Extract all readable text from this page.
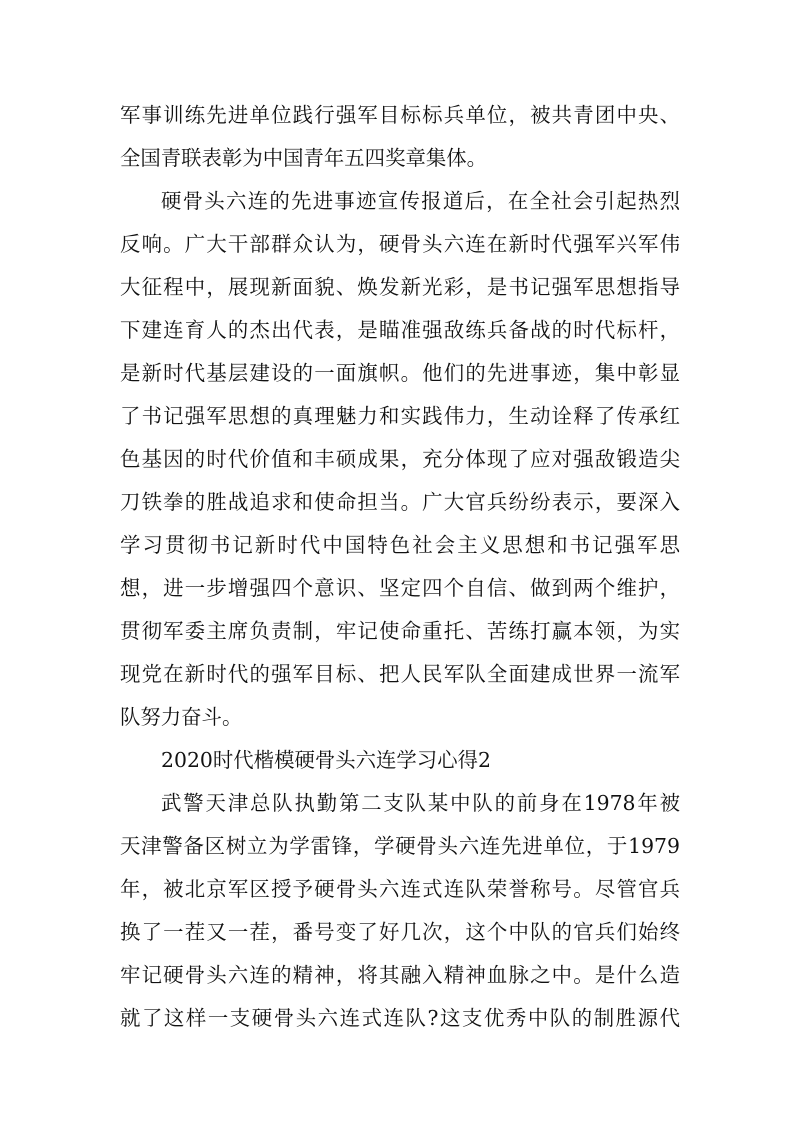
军事训练先进单位践行强军目标标兵单位，被共青团中央、
全国青联表彰为中国青年五四奖章集体。
硬骨头六连的先进事迹宣传报道后，在全社会引起热烈
反响。广大干部群众认为，硬骨头六连在新时代强军兴军伟
大征程中，展现新面貌、焕发新光彩，是书记强军思想指导
下建连育人的杰出代表，是瞄准强敌练兵备战的时代标杆，
是新时代基层建设的一面旗帜。他们的先进事迹，集中彰显
了书记强军思想的真理魅力和实践伟力，生动诠释了传承红
色基因的时代价值和丰硕成果，充分体现了应对强敌锻造尖
刀铁拳的胜战追求和使命担当。广大官兵纷纷表示，要深入
学习贯彻书记新时代中国特色社会主义思想和书记强军思
想，进一步增强四个意识、坚定四个自信、做到两个维护，
贯彻军委主席负责制，牢记使命重托、苦练打赢本领，为实
现党在新时代的强军目标、把人民军队全面建成世界一流军
队努力奋斗。
2020时代楷模硬骨头六连学习心得2
武警天津总队执勤第二支队某中队的前身在1978年被
天津警备区树立为学雷锋，学硬骨头六连先进单位，于1979
年，被北京军区授予硬骨头六连式连队荣誉称号。尽管官兵
换了一茬又一茬，番号变了好几次，这个中队的官兵们始终
牢记硬骨头六连的精神，将其融入精神血脉之中。是什么造
就了这样一支硬骨头六连式连队?这支优秀中队的制胜源代
